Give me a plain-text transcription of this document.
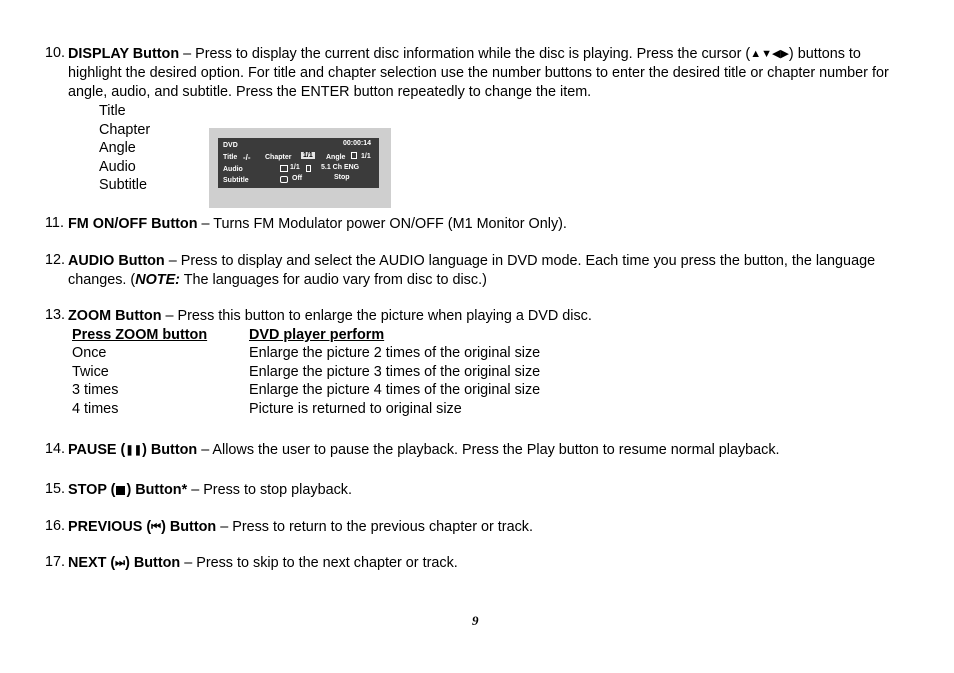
10. DISPLAY Button – Press to display the current disc information while the disc is playing. Press the cursor (▲▼◀▶) buttons to highlight the desired option. For title and chapter selection use the number buttons to enter the desired title or chapter number for angle, audio, and subtitle. Press the ENTER button repeatedly to change the item.
Title
Chapter
Angle
Audio
Subtitle
DVD	00:00:14
Title -/- Chapter 1/1 Angle 1/1
Audio	1/1	5.1 Ch ENG
Subtitle	Off	Stop
11. FM ON/OFF Button – Turns FM Modulator power ON/OFF (M1 Monitor Only).
12. AUDIO Button – Press to display and select the AUDIO language in DVD mode. Each time you press the button, the language changes. (NOTE: The languages for audio vary from disc to disc.)
13. ZOOM Button – Press this button to enlarge the picture when playing a DVD disc.
Press ZOOM button	DVD player perform
Once	Enlarge the picture 2 times of the original size
Twice	Enlarge the picture 3 times of the original size
3 times	Enlarge the picture 4 times of the original size
4 times	Picture is returned to original size
14. PAUSE (❚❚) Button – Allows the user to pause the playback. Press the Play button to resume normal playback.
15. STOP ( ) Button* – Press to stop playback.
16. PREVIOUS (⏮) Button – Press to return to the previous chapter or track.
17. NEXT (⏭) Button – Press to skip to the next chapter or track.
9
